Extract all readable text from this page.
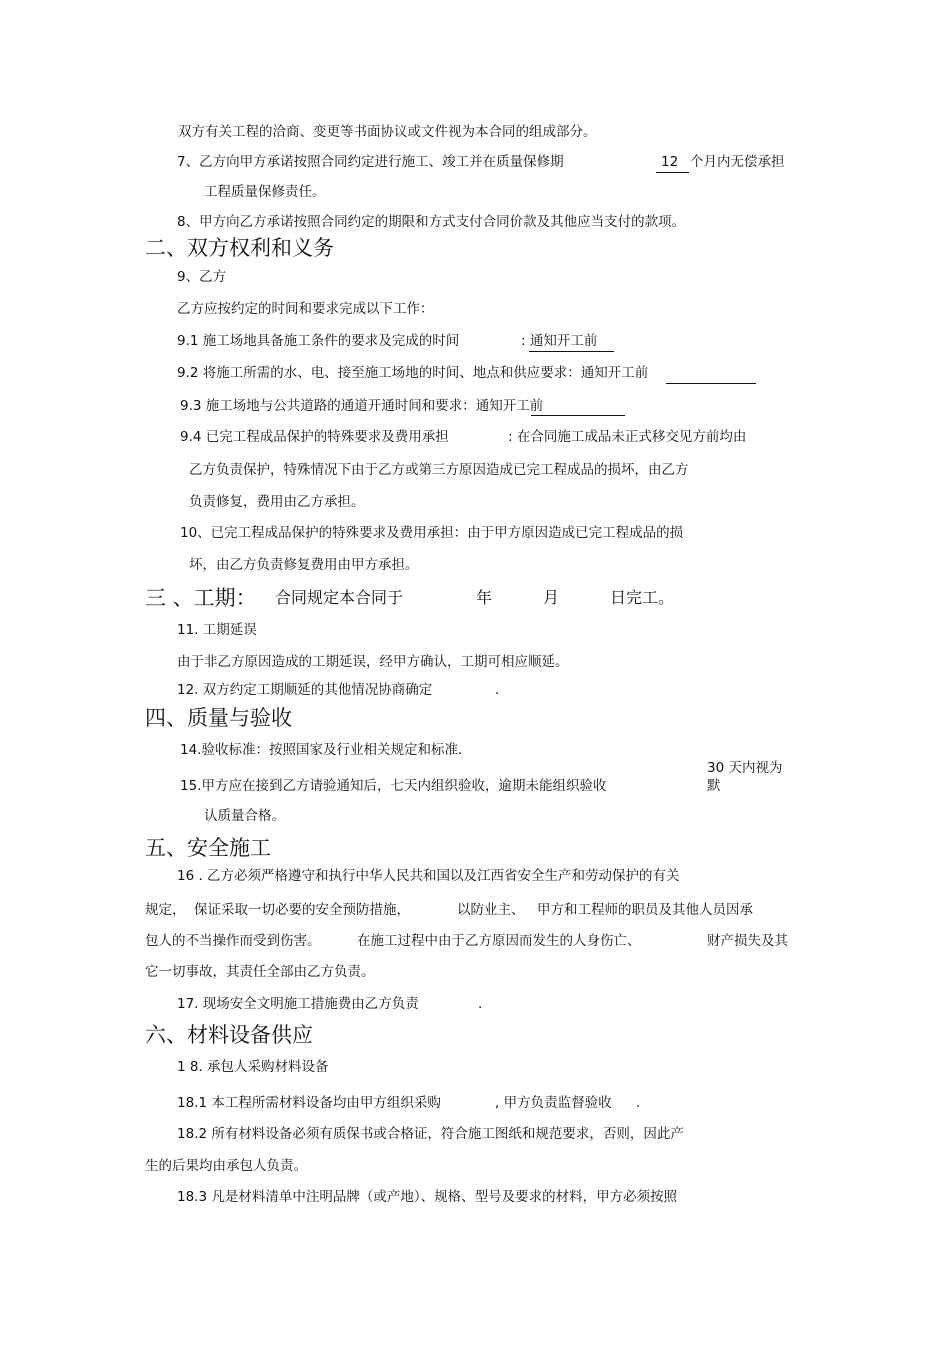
双方有关工程的洽商、变更等书面协议或文件视为本合同的组成部分。
7、乙方向甲方承诺按照合同约定进行施工、竣工并在质量保修期	12 个月内无偿承担
工程质量保修责任。
8、甲方向乙方承诺按照合同约定的期限和方式支付合同价款及其他应当支付的款项。
二、双方权利和义务
9、乙方
乙方应按约定的时间和要求完成以下工作：
9.1 施工场地具备施工条件的要求及完成的时间	: 通知开工前
9.2 将施工所需的水、电、接至施工场地的时间、地点和供应要求：通知开工前
9.3 施工场地与公共道路的通道开通时间和要求：通知开工前
9.4 已完工程成品保护的特殊要求及费用承担	: 在合同施工成品未正式移交见方前均由
乙方负责保护，特殊情况下由于乙方或第三方原因造成已完工程成品的损坏，由乙方
负责修复，费用由乙方承担。
10、已完工程成品保护的特殊要求及费用承担：由于甲方原因造成已完工程成品的损
坏，由乙方负责修复费用由甲方承担。
三 、工期： 合同规定本合同于	年	月	日完工。
11. 工期延误
由于非乙方原因造成的工期延误，经甲方确认，工期可相应顺延。
12. 双方约定工期顺延的其他情况协商确定	.
四、质量与验收
14.验收标准：按照国家及行业相关规定和标准.
30 天内视为
默
15.甲方应在接到乙方请验通知后，七天内组织验收，逾期未能组织验收
认质量合格。
五、安全施工
16 . 乙方必须严格遵守和执行中华人民共和国以及江西省安全生产和劳动保护的有关
规定， 保证采取一切必要的安全预防措施，	以防业主、 甲方和工程师的职员及其他人员因承
包人的不当操作而受到伤害。	在施工过程中由于乙方原因而发生的人身伤亡、	财产损失及其
它一切事故，其责任全部由乙方负责。
17. 现场安全文明施工措施费由乙方负责	.
六、材料设备供应
1 8. 承包人采购材料设备
18.1 本工程所需材料设备均由甲方组织采购	, 甲方负责监督验收 .
18.2 所有材料设备必须有质保书或合格证，符合施工图纸和规范要求，否则，因此产
生的后果均由承包人负责。
18.3 凡是材料清单中注明品牌（或产地）、规格、型号及要求的材料，甲方必须按照
